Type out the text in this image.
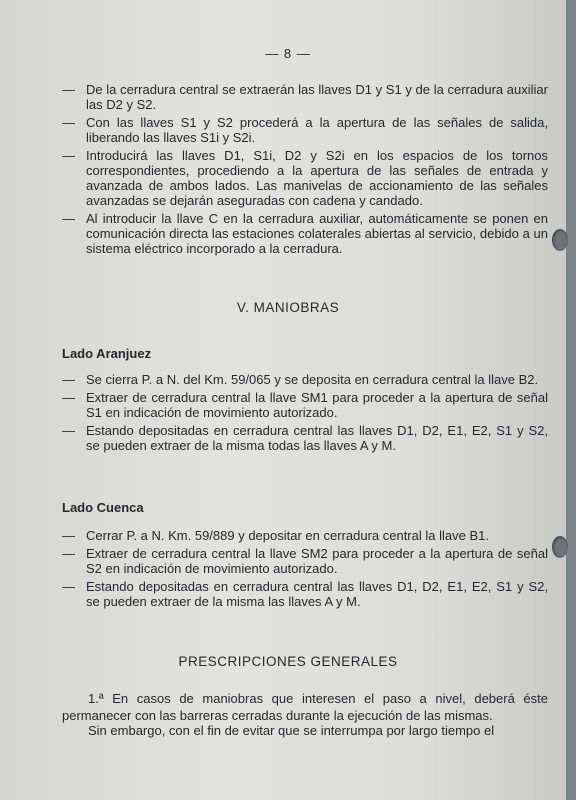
— 8 —
— De la cerradura central se extraerán las llaves D1 y S1 y de la cerradura auxiliar las D2 y S2.
— Con las llaves S1 y S2 procederá a la apertura de las señales de salida, liberando las llaves S1i y S2i.
— Introducirá las llaves D1, S1i, D2 y S2i en los espacios de los tornos correspondientes, procediendo a la apertura de las señales de entrada y avanzada de ambos lados. Las manivelas de accionamiento de las señales avanzadas se dejarán aseguradas con cadena y candado.
— Al introducir la llave C en la cerradura auxiliar, automáticamente se ponen en comunicación directa las estaciones colaterales abiertas al servicio, debido a un sistema eléctrico incorporado a la cerradura.
V. MANIOBRAS
Lado Aranjuez
— Se cierra P. a N. del Km. 59/065 y se deposita en cerradura central la llave B2.
— Extraer de cerradura central la llave SM1 para proceder a la apertura de señal S1 en indicación de movimiento autorizado.
— Estando depositadas en cerradura central las llaves D1, D2, E1, E2, S1 y S2, se pueden extraer de la misma todas las llaves A y M.
Lado Cuenca
— Cerrar P. a N. Km. 59/889 y depositar en cerradura central la llave B1.
— Extraer de cerradura central la llave SM2 para proceder a la apertura de señal S2 en indicación de movimiento autorizado.
— Estando depositadas en cerradura central las llaves D1, D2, E1, E2, S1 y S2, se pueden extraer de la misma las llaves A y M.
PRESCRIPCIONES GENERALES
1.ª En casos de maniobras que interesen el paso a nivel, deberá éste permanecer con las barreras cerradas durante la ejecución de las mismas.
Sin embargo, con el fin de evitar que se interrumpa por largo tiempo el
